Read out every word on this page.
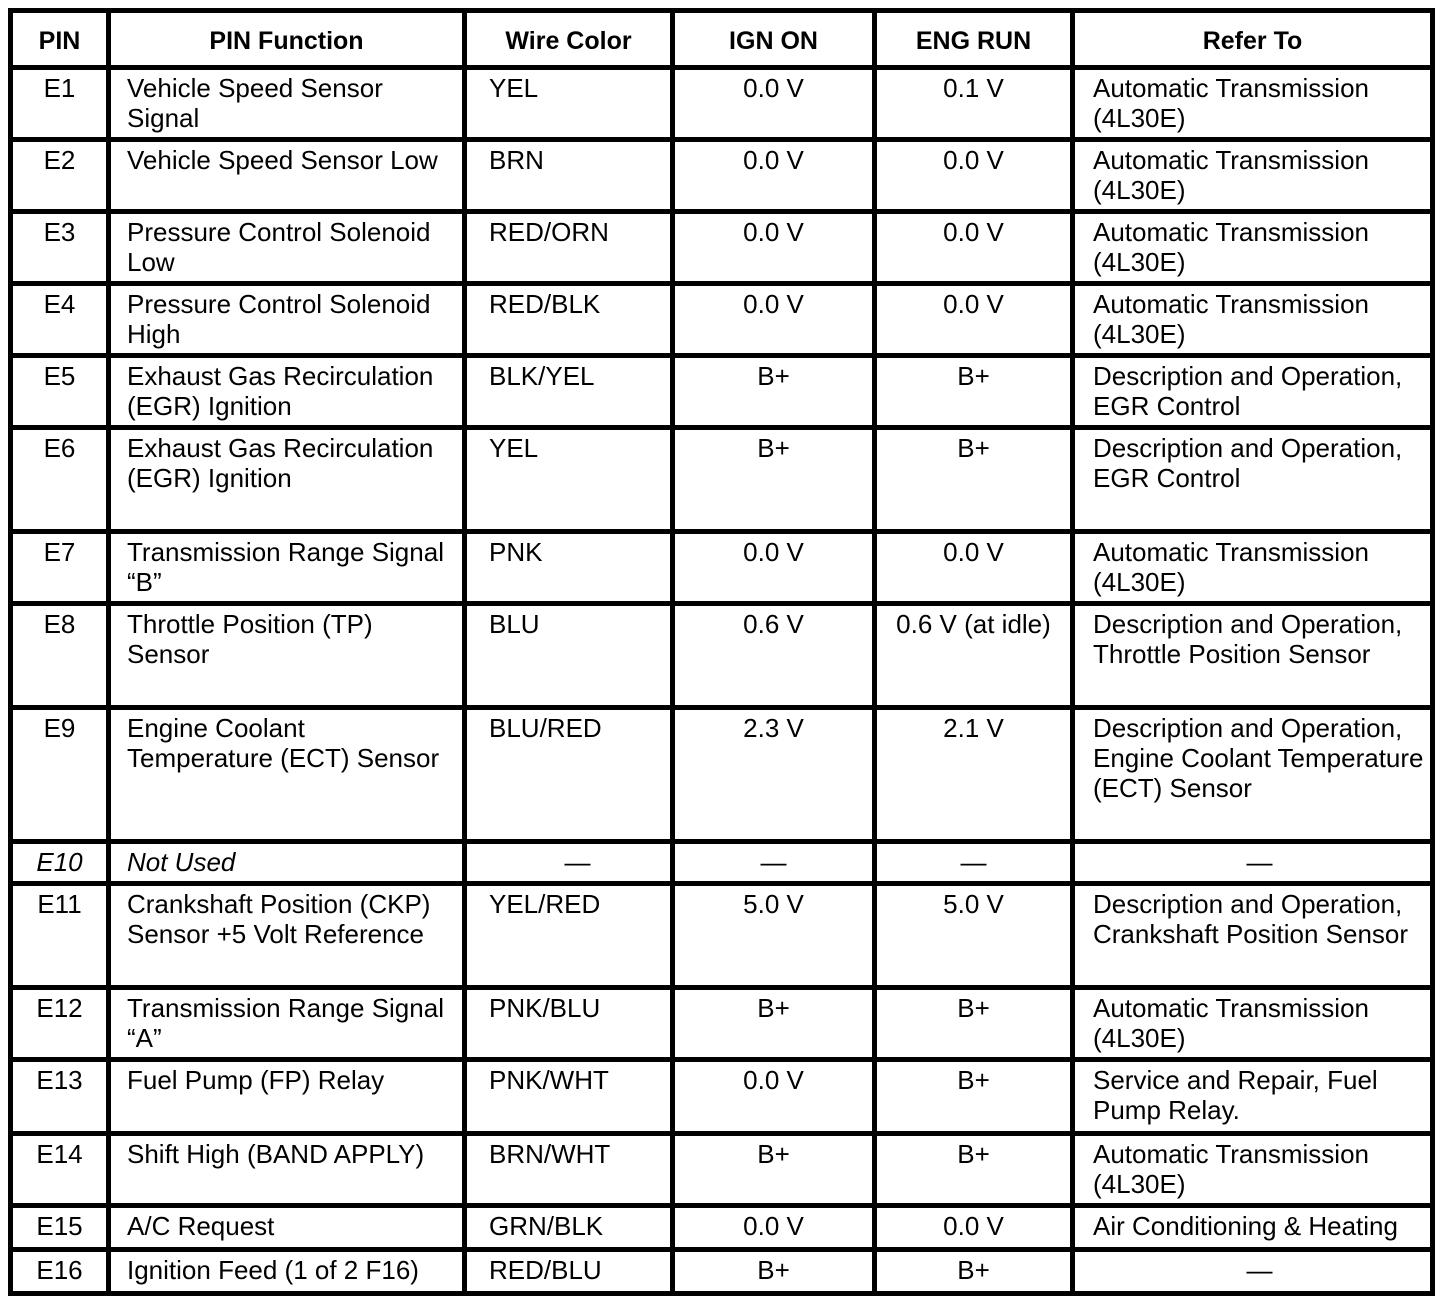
PIN	PIN Function	Wire Color	IGN ON	ENG RUN	Refer To
E1	Vehicle Speed Sensor Signal	YEL	0.0 V	0.1 V	Automatic Transmission (4L30E)
E2	Vehicle Speed Sensor Low	BRN	0.0 V	0.0 V	Automatic Transmission (4L30E)
E3	Pressure Control Solenoid Low	RED/ORN	0.0 V	0.0 V	Automatic Transmission (4L30E)
E4	Pressure Control Solenoid High	RED/BLK	0.0 V	0.0 V	Automatic Transmission (4L30E)
E5	Exhaust Gas Recirculation (EGR) Ignition	BLK/YEL	B+	B+	Description and Operation, EGR Control
E6	Exhaust Gas Recirculation (EGR) Ignition	YEL	B+	B+	Description and Operation, EGR Control
E7	Transmission Range Signal “B”	PNK	0.0 V	0.0 V	Automatic Transmission (4L30E)
E8	Throttle Position (TP) Sensor	BLU	0.6 V	0.6 V (at idle)	Description and Operation, Throttle Position Sensor
E9	Engine Coolant Temperature (ECT) Sensor	BLU/RED	2.3 V	2.1 V	Description and Operation, Engine Coolant Temperature (ECT) Sensor
E10	Not Used	—	—	—	—
E11	Crankshaft Position (CKP) Sensor +5 Volt Reference	YEL/RED	5.0 V	5.0 V	Description and Operation, Crankshaft Position Sensor
E12	Transmission Range Signal “A”	PNK/BLU	B+	B+	Automatic Transmission (4L30E)
E13	Fuel Pump (FP) Relay	PNK/WHT	0.0 V	B+	Service and Repair, Fuel Pump Relay.
E14	Shift High (BAND APPLY)	BRN/WHT	B+	B+	Automatic Transmission (4L30E)
E15	A/C Request	GRN/BLK	0.0 V	0.0 V	Air Conditioning & Heating
E16	Ignition Feed (1 of 2 F16)	RED/BLU	B+	B+	—
